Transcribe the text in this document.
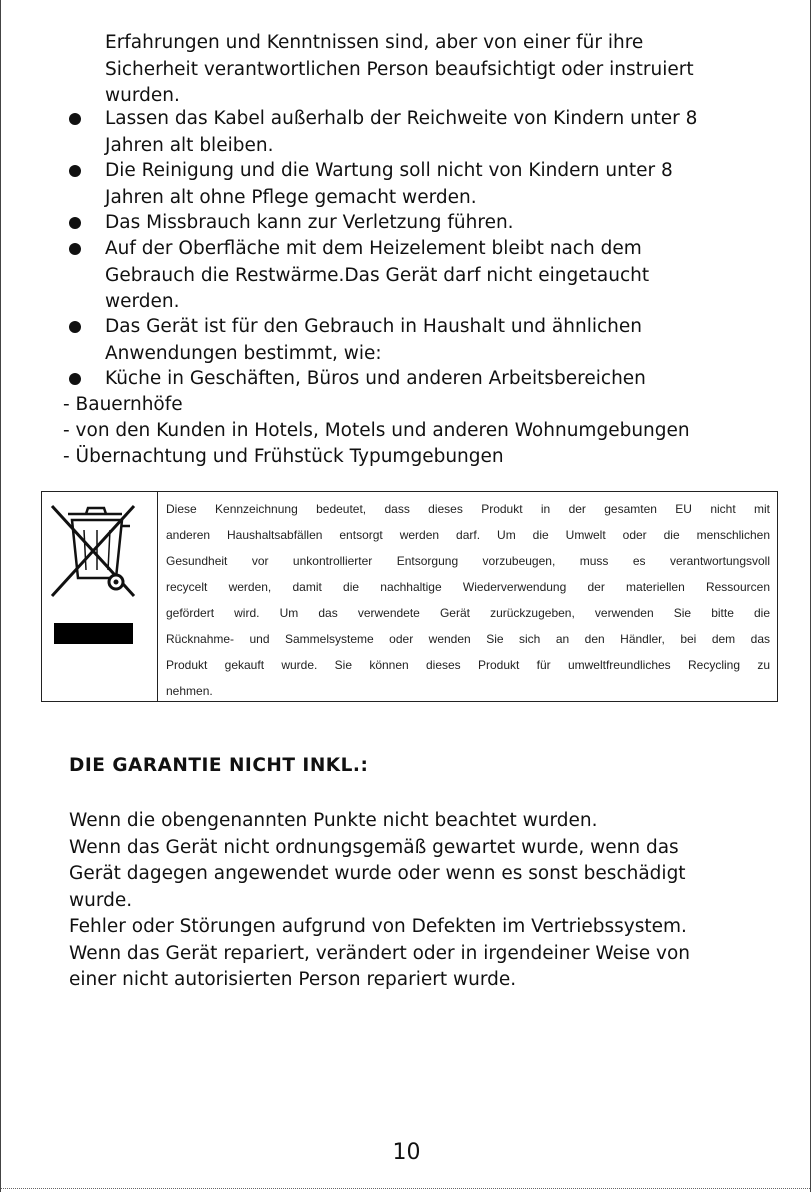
Erfahrungen und Kenntnissen sind, aber von einer für ihre
Sicherheit verantwortlichen Person beaufsichtigt oder instruiert
wurden.
Lassen das Kabel außerhalb der Reichweite von Kindern unter 8
Jahren alt bleiben.
Die Reinigung und die Wartung soll nicht von Kindern unter 8
Jahren alt ohne Pflege gemacht werden.
Das Missbrauch kann zur Verletzung führen.
Auf der Oberfläche mit dem Heizelement bleibt nach dem
Gebrauch die Restwärme.Das Gerät darf nicht eingetaucht
werden.
Das Gerät ist für den Gebrauch in Haushalt und ähnlichen
Anwendungen bestimmt, wie:
Küche in Geschäften, Büros und anderen Arbeitsbereichen
- Bauernhöfe
- von den Kunden in Hotels, Motels und anderen Wohnumgebungen
- Übernachtung und Frühstück Typumgebungen
Diese Kennzeichnung bedeutet, dass dieses Produkt in der gesamten EU nicht mit
anderen Haushaltsabfällen entsorgt werden darf. Um die Umwelt oder die menschlichen
Gesundheit vor unkontrollierter Entsorgung vorzubeugen, muss es verantwortungsvoll
recycelt werden, damit die nachhaltige Wiederverwendung der materiellen Ressourcen
gefördert wird. Um das verwendete Gerät zurückzugeben, verwenden Sie bitte die
Rücknahme- und Sammelsysteme oder wenden Sie sich an den Händler, bei dem das
Produkt gekauft wurde. Sie können dieses Produkt für umweltfreundliches Recycling zu
nehmen.
DIE GARANTIE NICHT INKL.:
Wenn die obengenannten Punkte nicht beachtet wurden.
Wenn das Gerät nicht ordnungsgemäß gewartet wurde, wenn das
Gerät dagegen angewendet wurde oder wenn es sonst beschädigt
wurde.
Fehler oder Störungen aufgrund von Defekten im Vertriebssystem.
Wenn das Gerät repariert, verändert oder in irgendeiner Weise von
einer nicht autorisierten Person repariert wurde.
10
